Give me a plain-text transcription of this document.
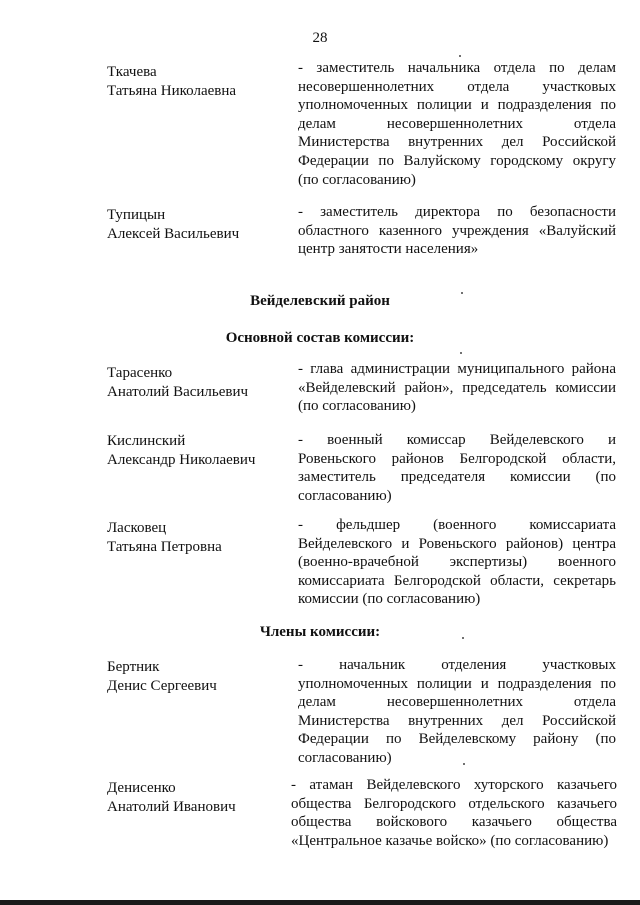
28
Ткачева
Татьяна Николаевна
- заместитель начальника отдела по делам несовершеннолетних отдела участковых уполномоченных полиции и подразделения по делам несовершеннолетних отдела Министерства внутренних дел Российской Федерации по Валуйскому городскому округу (по согласованию)
Тупицын
Алексей Васильевич
- заместитель директора по безопасности областного казенного учреждения «Валуйский центр занятости населения»
Вейделевский район
Основной состав комиссии:
Тарасенко
Анатолий Васильевич
- глава администрации муниципального района «Вейделевский район», председатель комиссии (по согласованию)
Кислинский
Александр Николаевич
- военный комиссар Вейделевского и Ровеньского районов Белгородской области, заместитель председателя комиссии (по согласованию)
Ласковец
Татьяна Петровна
- фельдшер (военного комиссариата Вейделевского и Ровеньского районов) центра (военно-врачебной экспертизы) военного комиссариата Белгородской области, секретарь комиссии (по согласованию)
Члены комиссии:
Бертник
Денис Сергеевич
- начальник отделения участковых уполномоченных полиции и подразделения по делам несовершеннолетних отдела Министерства внутренних дел Российской Федерации по Вейделевскому району (по согласованию)
Денисенко
Анатолий Иванович
- атаман Вейделевского хуторского казачьего общества Белгородского отдельского казачьего общества войскового казачьего общества «Центральное казачье войско» (по согласованию)
